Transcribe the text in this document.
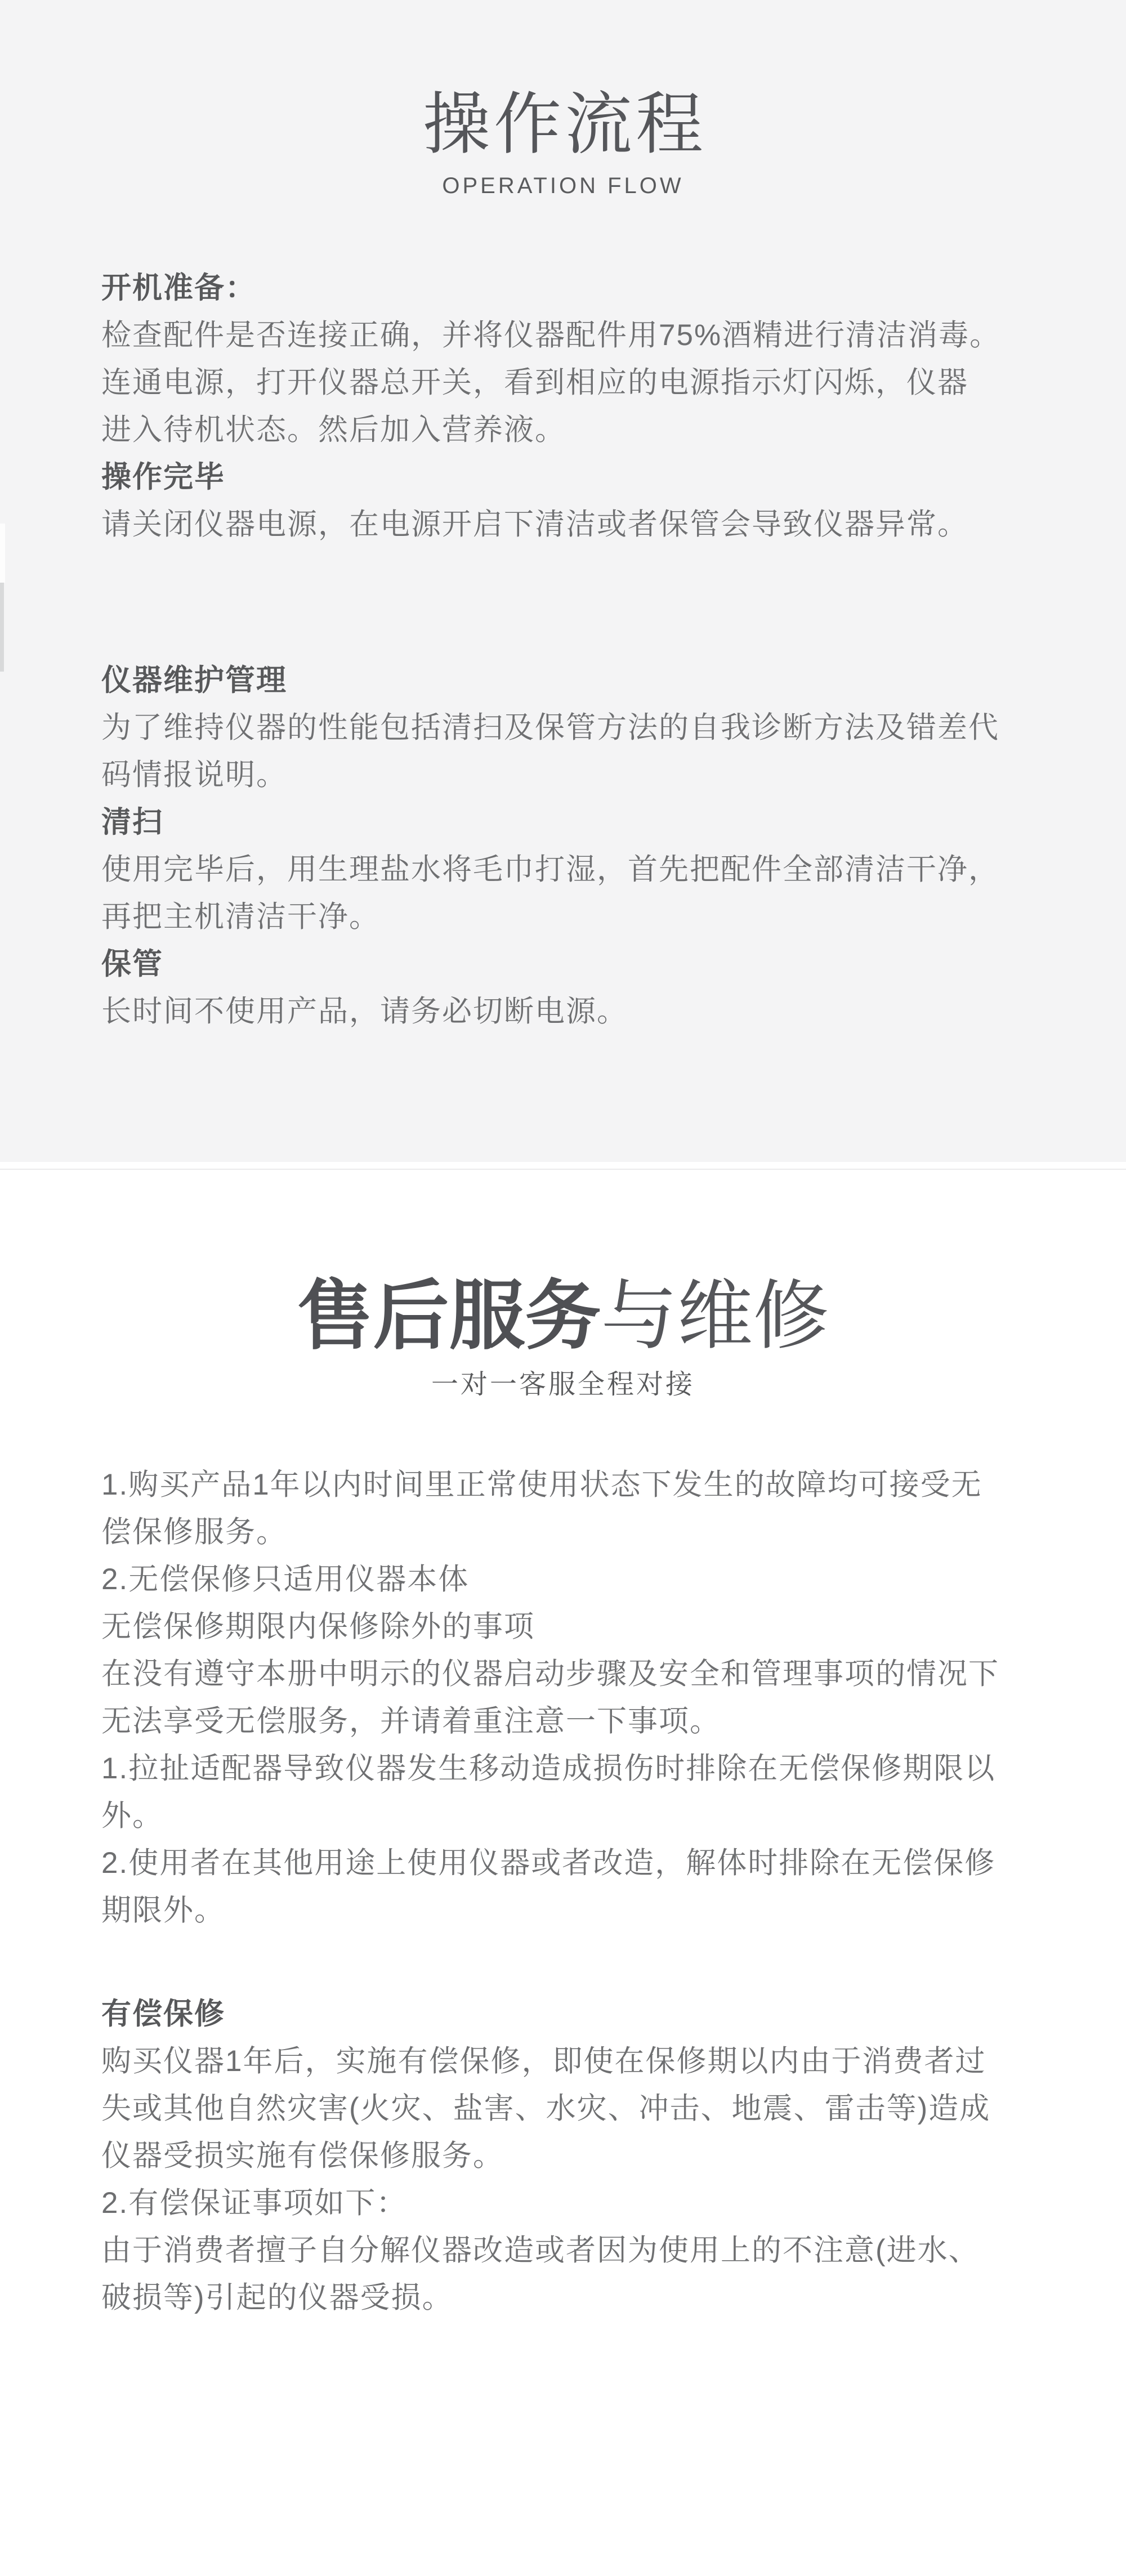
操作流程
OPERATION FLOW
开机准备：
检查配件是否连接正确，并将仪器配件用75%酒精进行清洁消毒。
连通电源，打开仪器总开关，看到相应的电源指示灯闪烁，仪器
进入待机状态。然后加入营养液。
操作完毕
请关闭仪器电源，在电源开启下清洁或者保管会导致仪器异常。
仪器维护管理
为了维持仪器的性能包括清扫及保管方法的自我诊断方法及错差代
码情报说明。
清扫
使用完毕后，用生理盐水将毛巾打湿，首先把配件全部清洁干净，
再把主机清洁干净。
保管
长时间不使用产品，请务必切断电源。
售后服务与维修
一对一客服全程对接
1.购买产品1年以内时间里正常使用状态下发生的故障均可接受无
偿保修服务。
2.无偿保修只适用仪器本体
无偿保修期限内保修除外的事项
在没有遵守本册中明示的仪器启动步骤及安全和管理事项的情况下
无法享受无偿服务，并请着重注意一下事项。
1.拉扯适配器导致仪器发生移动造成损伤时排除在无偿保修期限以
外。
2.使用者在其他用途上使用仪器或者改造，解体时排除在无偿保修
期限外。
有偿保修
购买仪器1年后，实施有偿保修，即使在保修期以内由于消费者过
失或其他自然灾害(火灾、盐害、水灾、冲击、地震、雷击等)造成
仪器受损实施有偿保修服务。
2.有偿保证事项如下：
由于消费者擅子自分解仪器改造或者因为使用上的不注意(进水、
破损等)引起的仪器受损。
